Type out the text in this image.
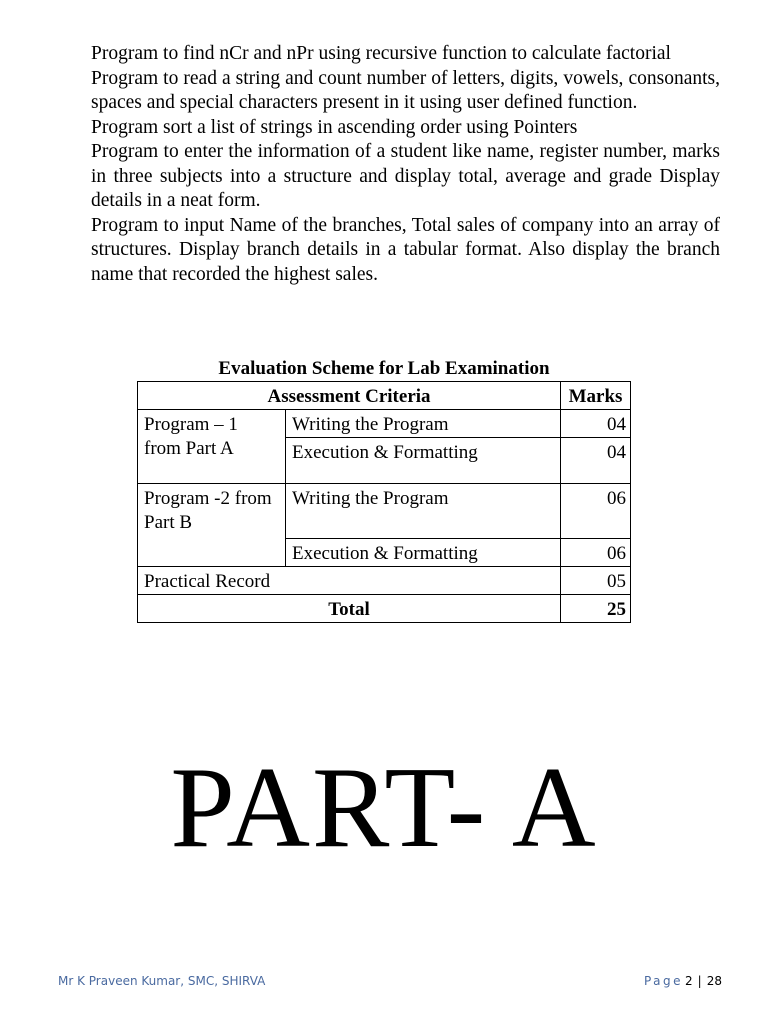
Program to find nCr and nPr using recursive function to calculate factorial
Program to read a string and count number of letters, digits, vowels, consonants, spaces and special characters present in it using user defined function.
Program sort a list of strings in ascending order using Pointers
Program to enter the information of a student like name, register number, marks in three subjects into a structure and display total, average and grade Display details in a neat form.
Program to input Name of the branches, Total sales of company into an array of structures. Display branch details in a tabular format. Also display the branch name that recorded the highest sales.
Evaluation Scheme for Lab Examination
Assessment Criteria		Marks
Program – 1 from Part A	Writing the Program	04
	Execution & Formatting	04
Program -2 from Part B	Writing the Program	06
	Execution & Formatting	06
Practical Record		05
Total		25
PART- A
Mr K Praveen Kumar, SMC, SHIRVA	Page 2 | 28
